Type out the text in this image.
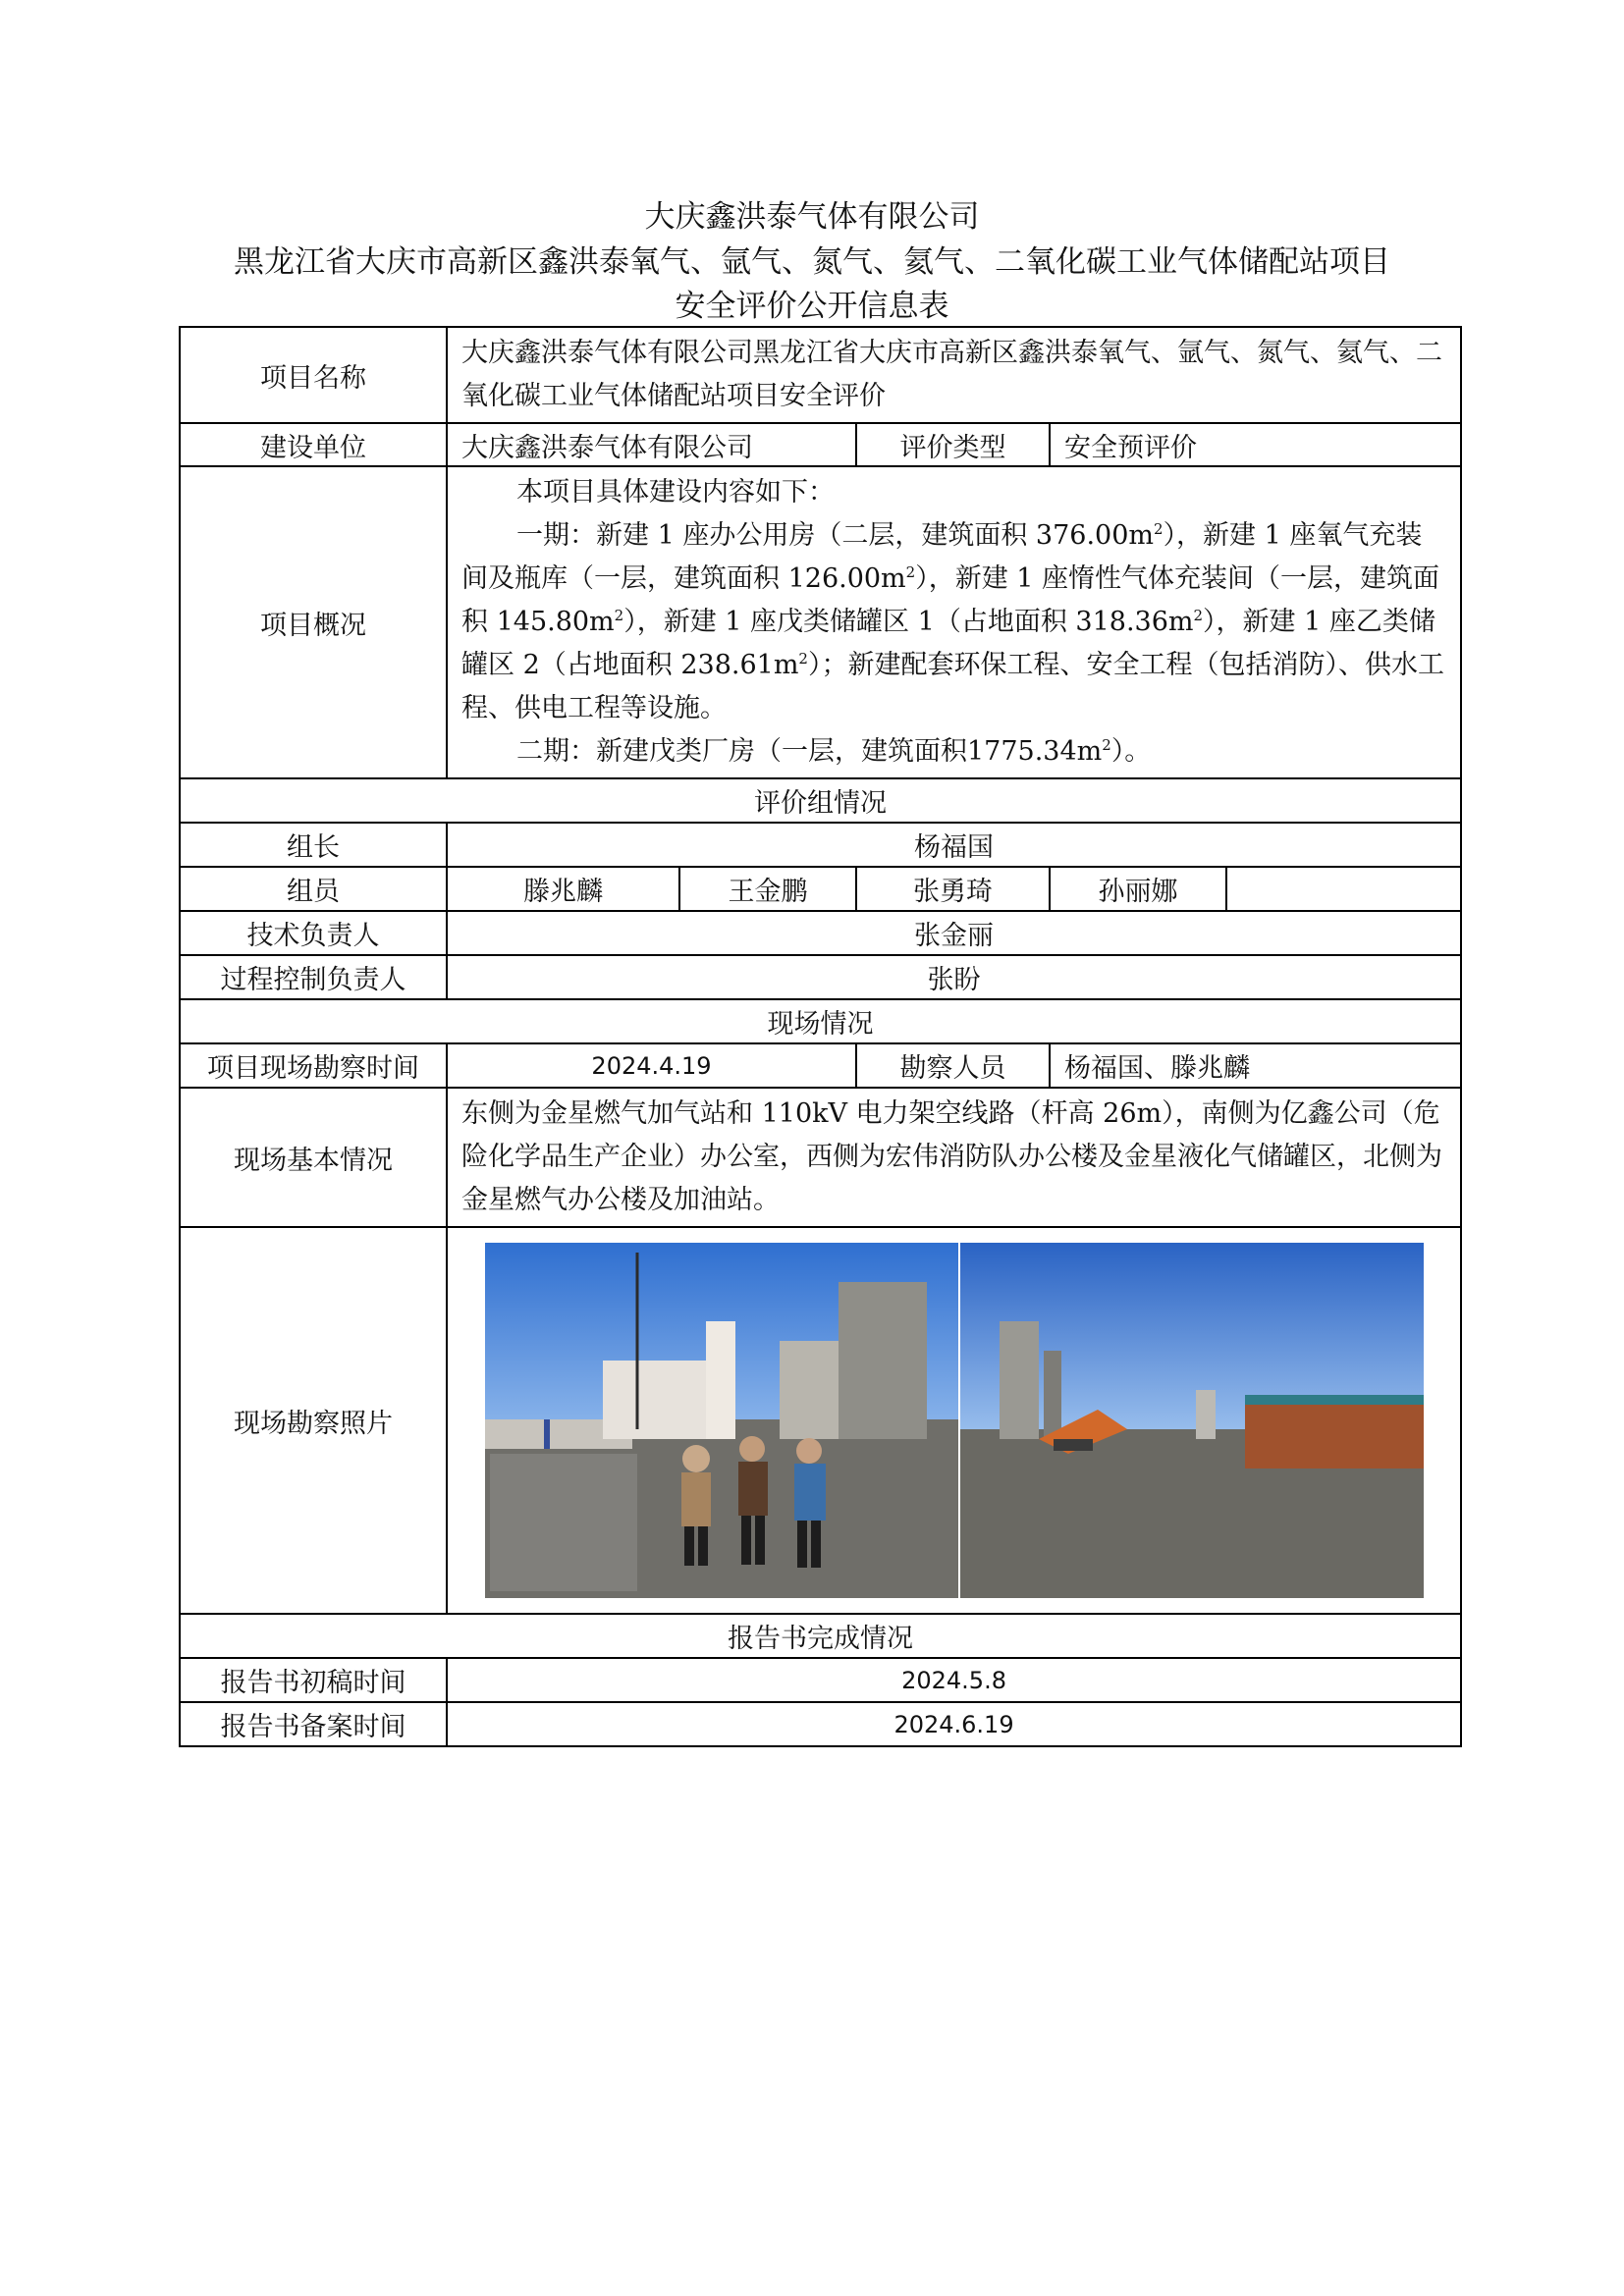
大庆鑫洪泰气体有限公司
黑龙江省大庆市高新区鑫洪泰氧气、氩气、氮气、氦气、二氧化碳工业气体储配站项目
安全评价公开信息表
项目名称	大庆鑫洪泰气体有限公司黑龙江省大庆市高新区鑫洪泰氧气、氩气、氮气、氦气、二氧化碳工业气体储配站项目安全评价				
建设单位	大庆鑫洪泰气体有限公司		评价类型	安全预评价	
项目概况	本项目具体建设内容如下：
一期：新建 1 座办公用房（二层，建筑面积 $376.00m^2$），新建 1 座氧气充装间及瓶库（一层，建筑面积 $126.00m^2$），新建 1 座惰性气体充装间（一层，建筑面积 $145.80m^2$），新建 1 座戊类储罐区 1（占地面积 $318.36m^2$），新建 1 座乙类储罐区 2（占地面积 $238.61m^2$）；新建配套环保工程、安全工程（包括消防）、供水工程、供电工程等设施。
二期：新建戊类厂房（一层，建筑面积$1775.34m^2$）。				

评价组情况					
组长	杨福国				
组员	滕兆麟	王金鹏	张勇琦	孙丽娜	
技术负责人	张金丽				
过程控制负责人	张盼				
现场情况					
项目现场勘察时间	2024.4.19		勘察人员	杨福国、滕兆麟	
现场基本情况	东侧为金星燃气加气站和 110kV 电力架空线路（杆高 26m），南侧为亿鑫公司（危险化学品生产企业）办公室，西侧为宏伟消防队办公楼及金星液化气储罐区，北侧为金星燃气办公楼及加油站。				
现场勘察照片	
报告书完成情况					
报告书初稿时间	2024.5.8				
报告书备案时间	2024.6.19				
